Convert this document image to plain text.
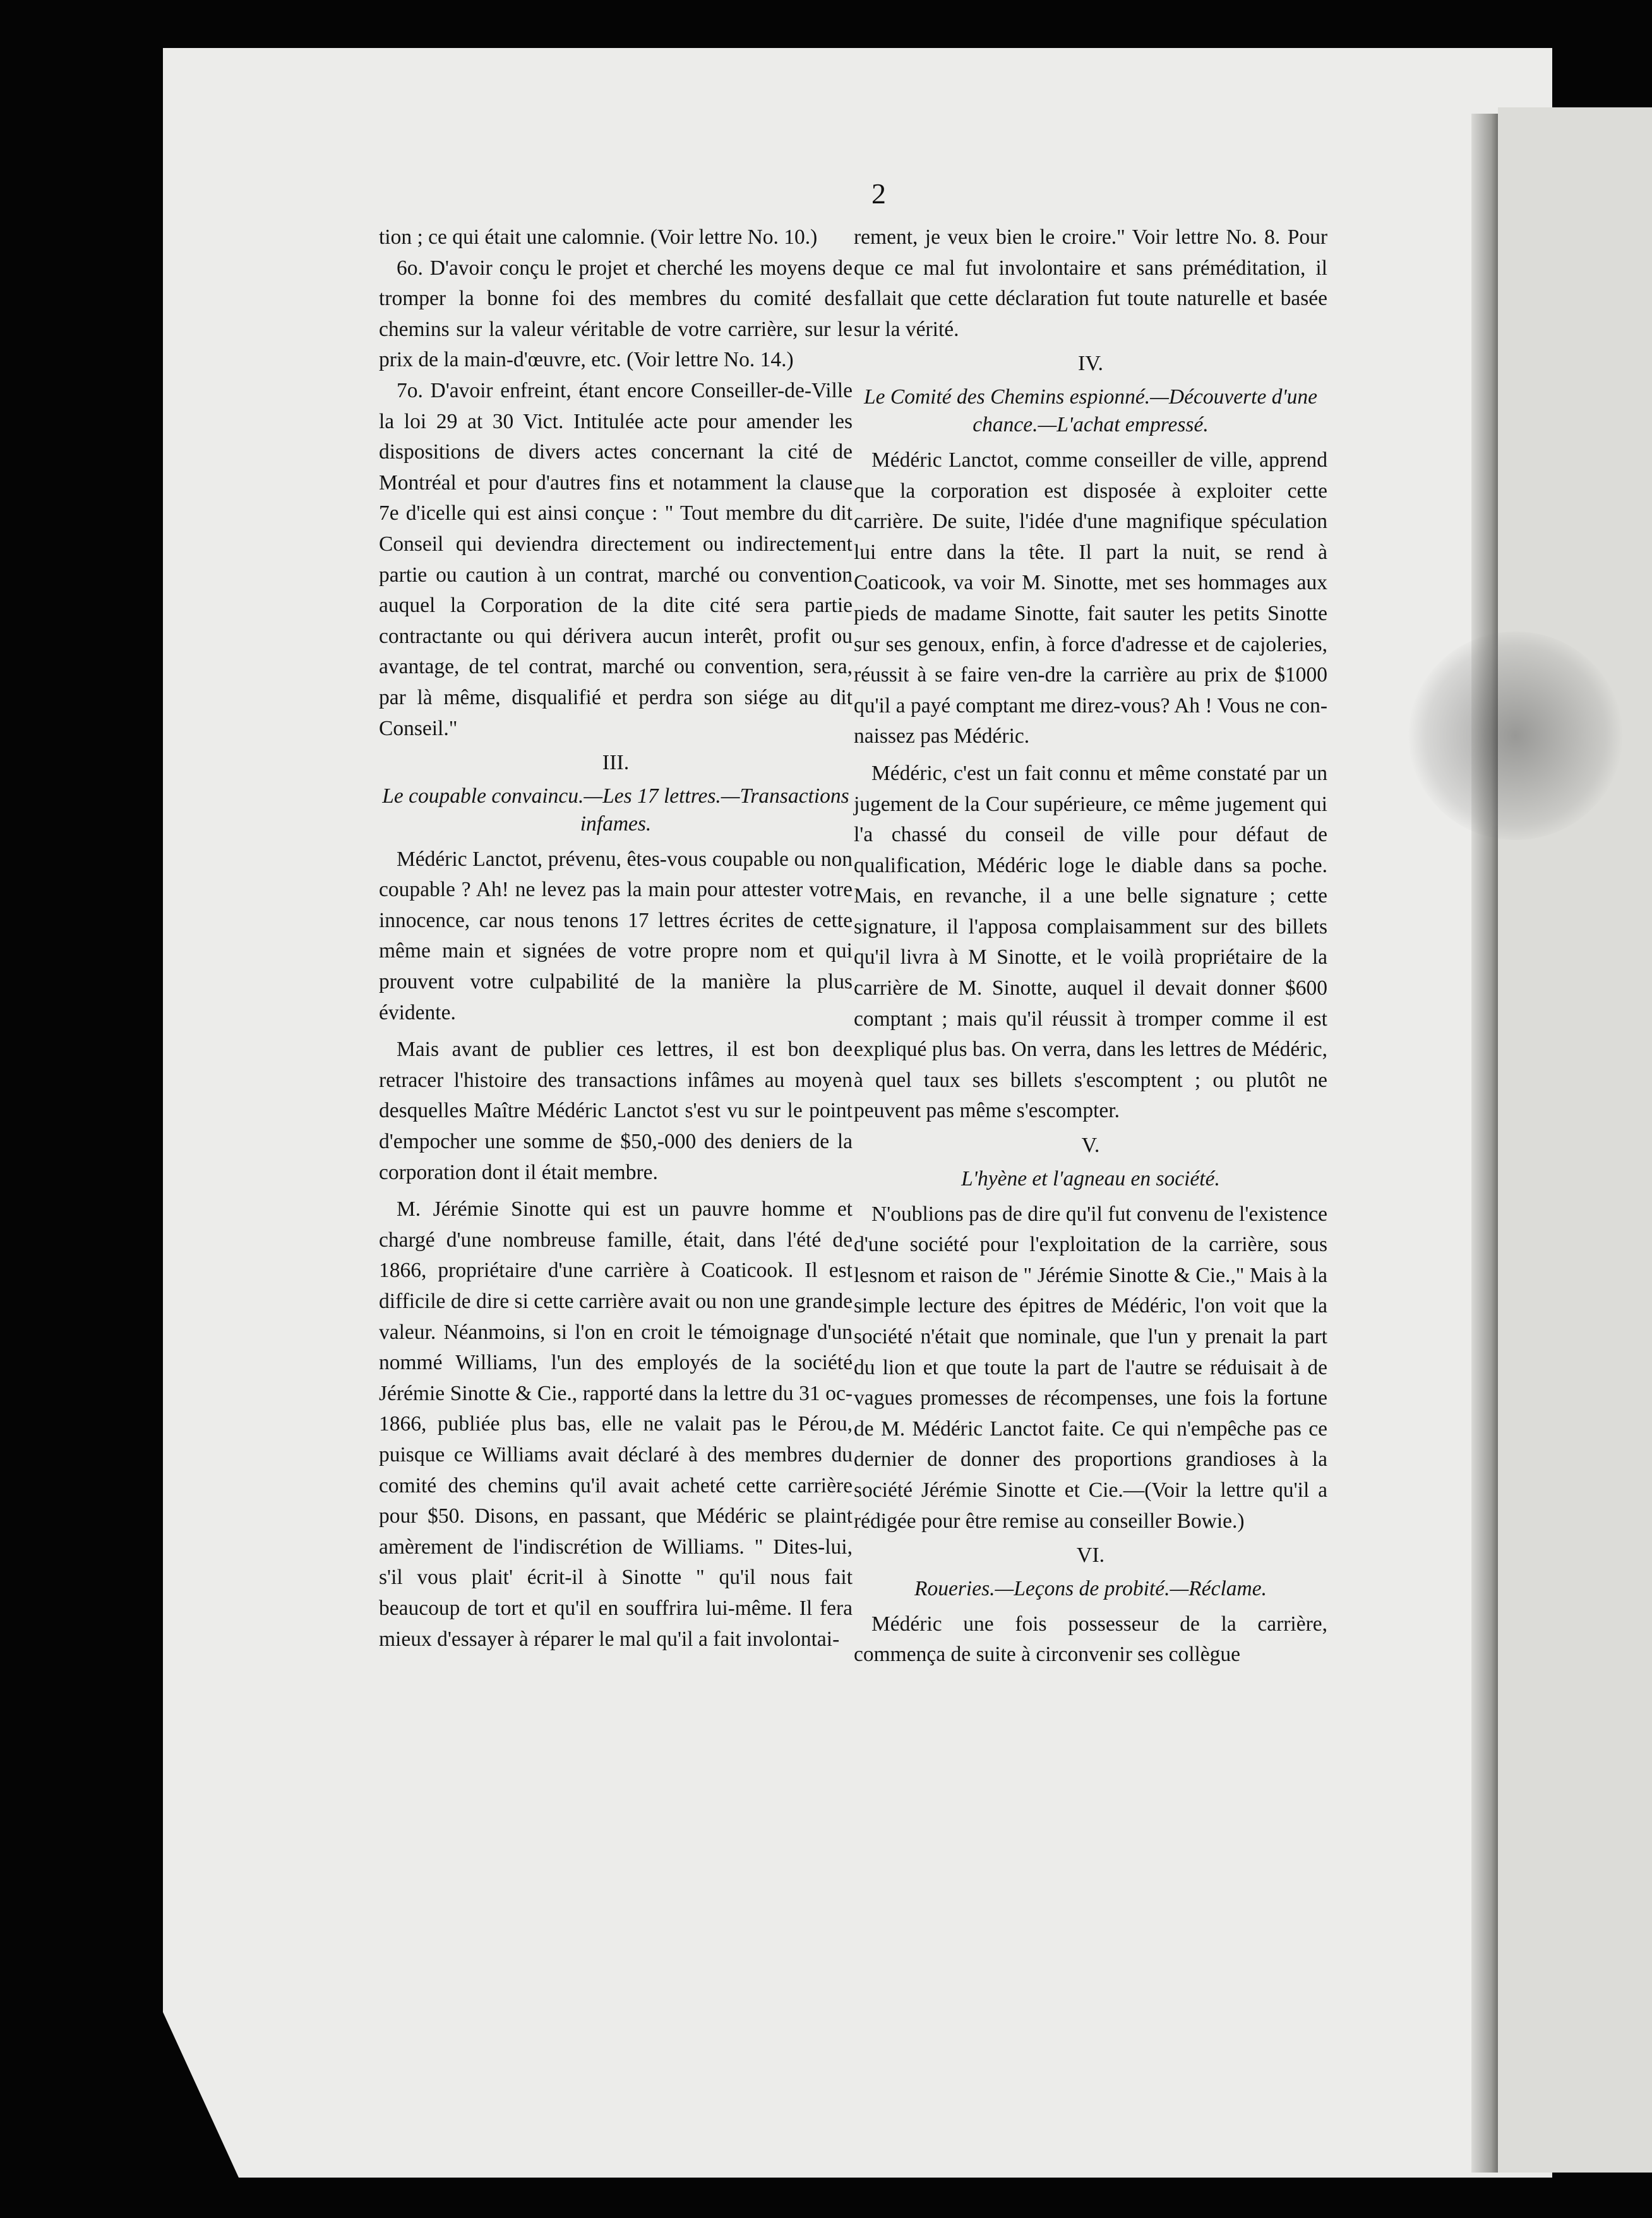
2

tion ; ce qui était une calomnie. (Voir lettre No. 10.)

6o. D'avoir conçu le projet et cherché les moyens de tromper la bonne foi des membres du comité des chemins sur la valeur véritable de votre carrière, sur le prix de la main-d'œuvre, etc. (Voir lettre No. 14.)

7o. D'avoir enfreint, étant encore Conseiller-de-Ville la loi 29 at 30 Vict. Intitulée acte pour amender les dispositions de divers actes concernant la cité de Montréal et pour d'autres fins et notamment la clause 7e d'icelle qui est ainsi conçue : " Tout membre du dit Conseil qui deviendra directement ou indirectement partie ou caution à un contrat, marché ou convention auquel la Corporation de la dite cité sera partie contractante ou qui dérivera aucun interêt, profit ou avantage, de tel contrat, marché ou convention, sera, par là même, disqualifié et perdra son siége au dit Conseil."

III.
Le coupable convaincu.—Les 17 lettres.—Transactions infames.

Médéric Lanctot, prévenu, êtes-vous coupable ou non coupable ? Ah! ne levez pas la main pour attester votre innocence, car nous tenons 17 lettres écrites de cette même main et signées de votre propre nom et qui prouvent votre culpabilité de la manière la plus évidente.

Mais avant de publier ces lettres, il est bon de retracer l'histoire des transactions infâmes au moyen desquelles Maître Médéric Lanctot s'est vu sur le point d'empocher une somme de $50,-000 des deniers de la corporation dont il était membre.

M. Jérémie Sinotte qui est un pauvre homme et chargé d'une nombreuse famille, était, dans l'été de 1866, propriétaire d'une carrière à Coaticook. Il est difficile de dire si cette carrière avait ou non une grande valeur. Néanmoins, si l'on en croit le témoignage d'un nommé Williams, l'un des employés de la société Jérémie Sinotte & Cie., rapporté dans la lettre du 31 oc- 1866, publiée plus bas, elle ne valait pas le Pérou, puisque ce Williams avait déclaré à des membres du comité des chemins qu'il avait acheté cette carrière pour $50. Disons, en passant, que Médéric se plaint amèrement de l'indiscrétion de Williams. " Dites-lui, s'il vous plait' écrit-il à Sinotte " qu'il nous fait beaucoup de tort et qu'il en souffrira lui-même. Il fera mieux d'essayer à réparer le mal qu'il a fait involontai-

rement, je veux bien le croire." Voir lettre No. 8. Pour que ce mal fut involontaire et sans préméditation, il fallait que cette déclaration fut toute naturelle et basée sur la vérité.

IV.
Le Comité des Chemins espionné.—Découverte d'une chance.—L'achat empressé.

Médéric Lanctot, comme conseiller de ville, apprend que la corporation est disposée à exploiter cette carrière. De suite, l'idée d'une magnifique spéculation lui entre dans la tête. Il part la nuit, se rend à Coaticook, va voir M. Sinotte, met ses hommages aux pieds de madame Sinotte, fait sauter les petits Sinotte sur ses genoux, enfin, à force d'adresse et de cajoleries, réussit à se faire ven-dre la carrière au prix de $1000 qu'il a payé comptant me direz-vous? Ah ! Vous ne con-naissez pas Médéric.

Médéric, c'est un fait connu et même constaté par un jugement de la Cour supérieure, ce même jugement qui l'a chassé du conseil de ville pour défaut de qualification, Médéric loge le diable dans sa poche. Mais, en revanche, il a une belle signature ; cette signature, il l'apposa complaisamment sur des billets qu'il livra à M Sinotte, et le voilà propriétaire de la carrière de M. Sinotte, auquel il devait donner $600 comptant ; mais qu'il réussit à tromper comme il est expliqué plus bas. On verra, dans les lettres de Médéric, à quel taux ses billets s'escomptent ; ou plutôt ne peuvent pas même s'escompter.

V.
L'hyène et l'agneau en société.

N'oublions pas de dire qu'il fut convenu de l'existence d'une société pour l'exploitation de la carrière, sous lesnom et raison de " Jérémie Sinotte & Cie.," Mais à la simple lecture des épitres de Médéric, l'on voit que la société n'était que nominale, que l'un y prenait la part du lion et que toute la part de l'autre se réduisait à de vagues promesses de récompenses, une fois la fortune de M. Médéric Lanctot faite. Ce qui n'empêche pas ce dernier de donner des proportions grandioses à la société Jérémie Sinotte et Cie.—(Voir la lettre qu'il a rédigée pour être remise au conseiller Bowie.)

VI.
Roueries.—Leçons de probité.—Réclame.

Médéric une fois possesseur de la carrière, commença de suite à circonvenir ses collègue
